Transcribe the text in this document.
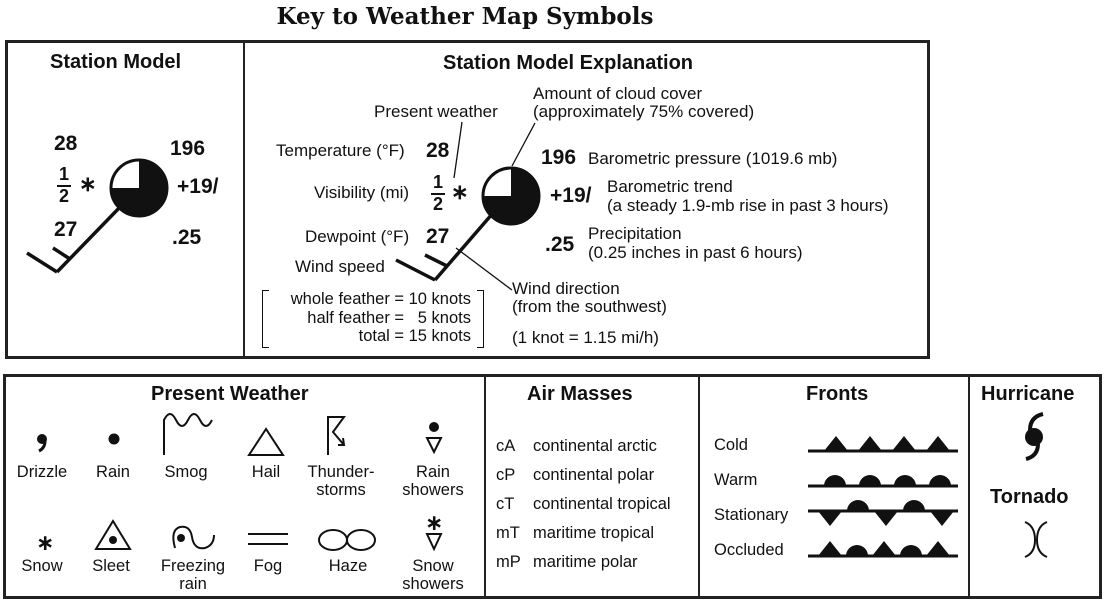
Key to Weather Map Symbols
Station Model
28
1
2 ∗
196
+19/
27	.25
Station Model Explanation
Present weather
Amount of cloud cover
(approximately 75% covered)
Temperature (°F) 28
Visibility (mi)
1
2 ∗
Dewpoint (°F) 27
Wind speed
196 Barometric pressure (1019.6 mb)
+19/ Barometric trend
(a steady 1.9-mb rise in past 3 hours)
.25 Precipitation
(0.25 inches in past 6 hours)
Wind direction
(from the southwest)
(1 knot = 1.15 mi/h)
whole feather = 10 knots
half feather =   5 knots
total = 15 knots
Present Weather
∗
∗
Drizzle Rain Smog	Hail Thunder-
storms
Rain
showers
Snow Sleet Freezing
rain
Fog	Haze	Snow
showers
Air Masses
cA continental arctic
cP continental polar
cT continental tropical
mT maritime tropical
mP maritime polar
Fronts
Cold
Warm
Stationary
Occluded
Hurricane
Tornado
